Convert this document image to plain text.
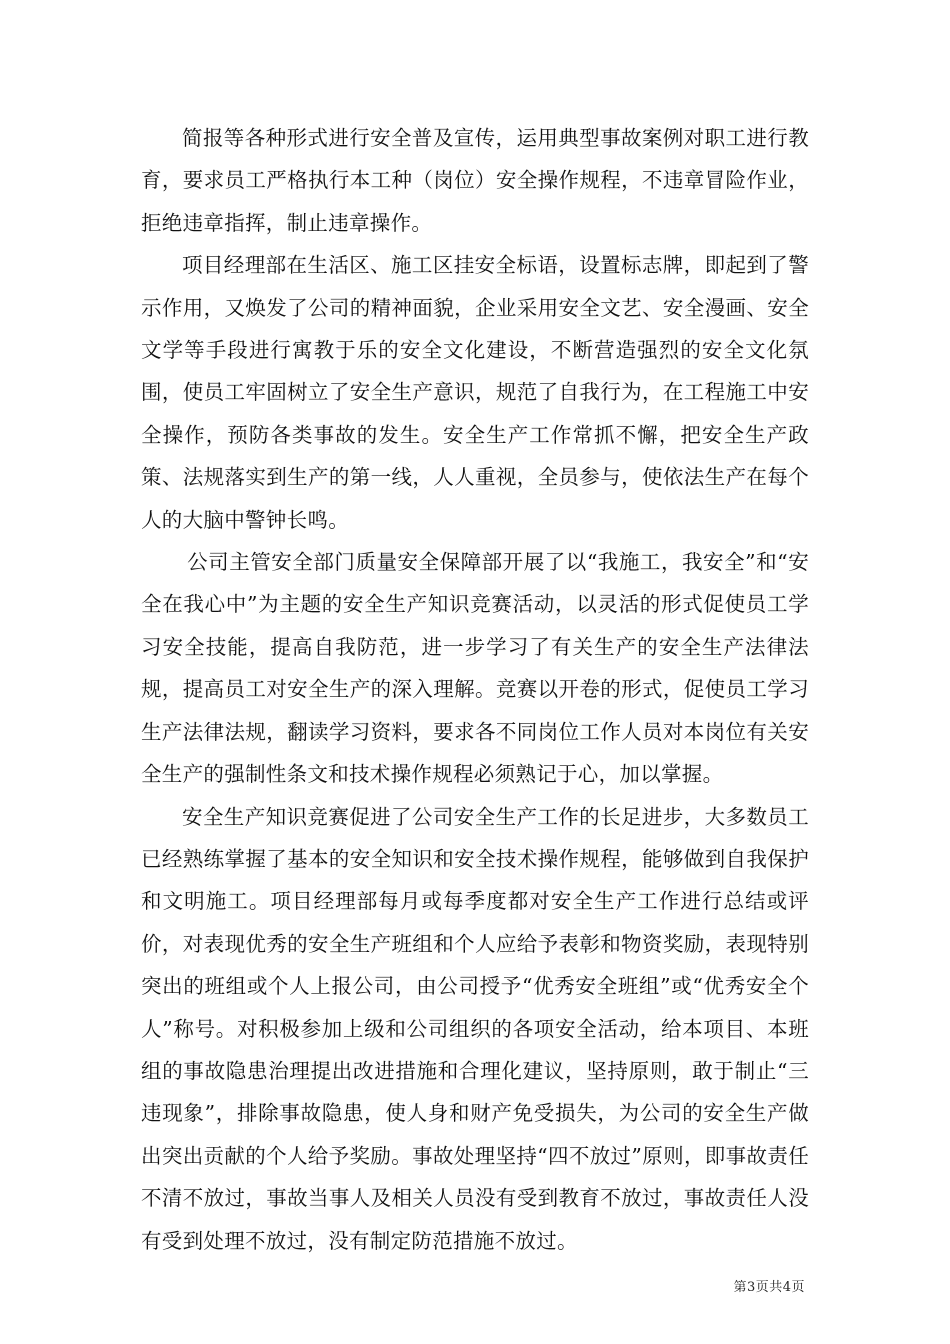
简报等各种形式进行安全普及宣传，运用典型事故案例对职工进行教育，要求员工严格执行本工种（岗位）安全操作规程，不违章冒险作业，拒绝违章指挥，制止违章操作。

项目经理部在生活区、施工区挂安全标语，设置标志牌，即起到了警示作用，又焕发了公司的精神面貌，企业采用安全文艺、安全漫画、安全文学等手段进行寓教于乐的安全文化建设，不断营造强烈的安全文化氛围，使员工牢固树立了安全生产意识，规范了自我行为，在工程施工中安全操作，预防各类事故的发生。安全生产工作常抓不懈，把安全生产政策、法规落实到生产的第一线，人人重视，全员参与，使依法生产在每个人的大脑中警钟长鸣。

公司主管安全部门质量安全保障部开展了以“我施工，我安全”和“安全在我心中”为主题的安全生产知识竞赛活动，以灵活的形式促使员工学习安全技能，提高自我防范，进一步学习了有关生产的安全生产法律法规，提高员工对安全生产的深入理解。竞赛以开卷的形式，促使员工学习生产法律法规，翻读学习资料，要求各不同岗位工作人员对本岗位有关安全生产的强制性条文和技术操作规程必须熟记于心，加以掌握。

安全生产知识竞赛促进了公司安全生产工作的长足进步，大多数员工已经熟练掌握了基本的安全知识和安全技术操作规程，能够做到自我保护和文明施工。项目经理部每月或每季度都对安全生产工作进行总结或评价，对表现优秀的安全生产班组和个人应给予表彰和物资奖励，表现特别突出的班组或个人上报公司，由公司授予“优秀安全班组”或“优秀安全个人”称号。对积极参加上级和公司组织的各项安全活动，给本项目、本班组的事故隐患治理提出改进措施和合理化建议，坚持原则，敢于制止“三违现象”，排除事故隐患，使人身和财产免受损失，为公司的安全生产做出突出贡献的个人给予奖励。事故处理坚持“四不放过”原则，即事故责任不清不放过，事故当事人及相关人员没有受到教育不放过，事故责任人没有受到处理不放过，没有制定防范措施不放过。

第3页共4页
